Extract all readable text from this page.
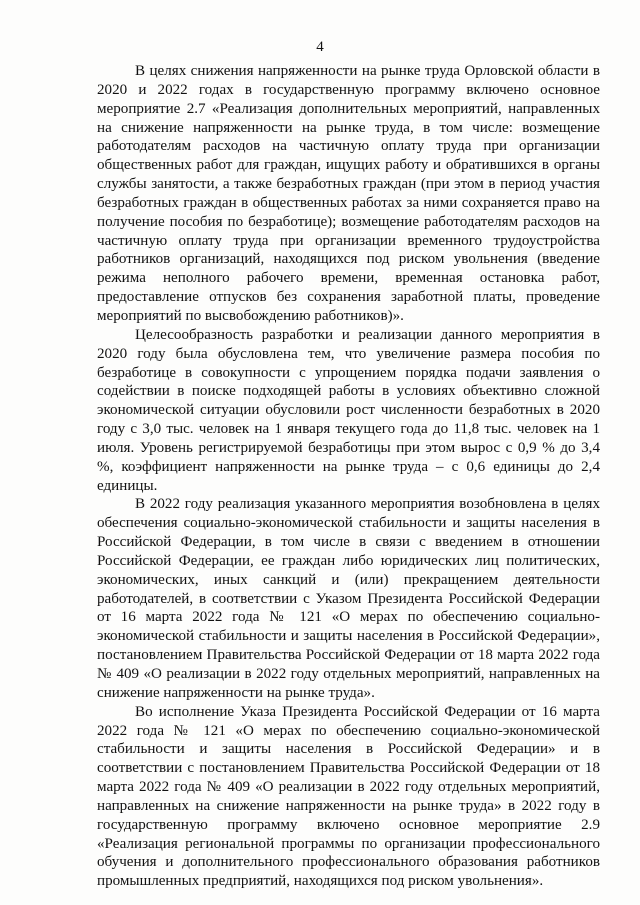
4

В целях снижения напряженности на рынке труда Орловской области в 2020 и 2022 годах в государственную программу включено основное мероприятие 2.7 «Реализация дополнительных мероприятий, направленных на снижение напряженности на рынке труда, в том числе: возмещение работодателям расходов на частичную оплату труда при организации общественных работ для граждан, ищущих работу и обратившихся в органы службы занятости, а также безработных граждан (при этом в период участия безработных граждан в общественных работах за ними сохраняется право на получение пособия по безработице); возмещение работодателям расходов на частичную оплату труда при организации временного трудоустройства работников организаций, находящихся под риском увольнения (введение режима неполного рабочего времени, временная остановка работ, предоставление отпусков без сохранения заработной платы, проведение мероприятий по высвобождению работников)».

Целесообразность разработки и реализации данного мероприятия в 2020 году была обусловлена тем, что увеличение размера пособия по безработице в совокупности с упрощением порядка подачи заявления о содействии в поиске подходящей работы в условиях объективно сложной экономической ситуации обусловили рост численности безработных в 2020 году с 3,0 тыс. человек на 1 января текущего года до 11,8 тыс. человек на 1 июля. Уровень регистрируемой безработицы при этом вырос с 0,9 % до 3,4 %, коэффициент напряженности на рынке труда – с 0,6 единицы до 2,4 единицы.

В 2022 году реализация указанного мероприятия возобновлена в целях обеспечения социально-экономической стабильности и защиты населения в Российской Федерации, в том числе в связи с введением в отношении Российской Федерации, ее граждан либо юридических лиц политических, экономических, иных санкций и (или) прекращением деятельности работодателей, в соответствии с Указом Президента Российской Федерации от 16 марта 2022 года № 121 «О мерах по обеспечению социально-экономической стабильности и защиты населения в Российской Федерации», постановлением Правительства Российской Федерации от 18 марта 2022 года № 409 «О реализации в 2022 году отдельных мероприятий, направленных на снижение напряженности на рынке труда».

Во исполнение Указа Президента Российской Федерации от 16 марта 2022 года № 121 «О мерах по обеспечению социально-экономической стабильности и защиты населения в Российской Федерации» и в соответствии с постановлением Правительства Российской Федерации от 18 марта 2022 года № 409 «О реализации в 2022 году отдельных мероприятий, направленных на снижение напряженности на рынке труда» в 2022 году в государственную программу включено основное мероприятие 2.9 «Реализация региональной программы по организации профессионального обучения и дополнительного профессионального образования работников промышленных предприятий, находящихся под риском увольнения».
